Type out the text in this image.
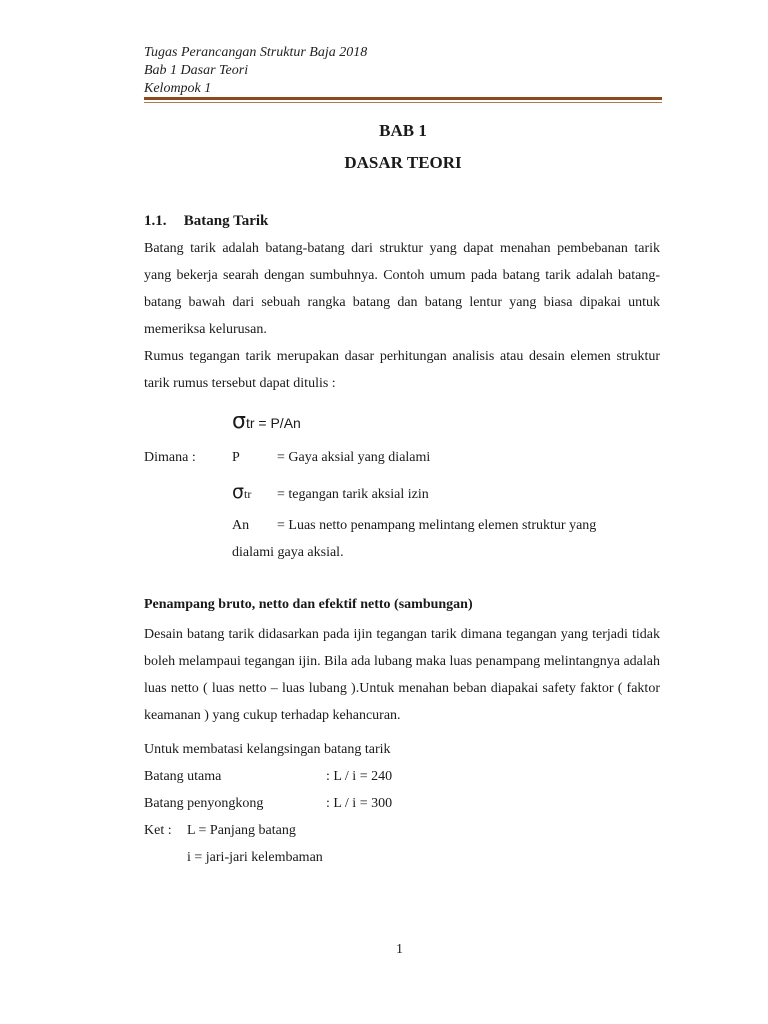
Tugas Perancangan Struktur Baja 2018
Bab 1 Dasar Teori
Kelompok 1
BAB 1
DASAR TEORI
1.1. Batang Tarik
Batang tarik adalah batang-batang dari struktur yang dapat menahan pembebanan tarik yang bekerja searah dengan sumbuhnya. Contoh umum pada batang tarik adalah batang-batang bawah dari sebuah rangka batang dan batang lentur yang biasa dipakai untuk memeriksa kelurusan.
Rumus tegangan tarik merupakan dasar perhitungan analisis atau desain elemen struktur tarik rumus tersebut dapat ditulis :
σtr = P/An
Dimana :	P	= Gaya aksial yang dialami
σtr = tegangan tarik aksial izin
An = Luas netto penampang melintang elemen struktur yang
dialami gaya aksial.
Penampang bruto, netto dan efektif netto (sambungan)
Desain batang tarik didasarkan pada ijin tegangan tarik dimana tegangan yang terjadi tidak boleh melampaui tegangan ijin. Bila ada lubang maka luas penampang melintangnya adalah luas netto ( luas netto – luas lubang ).Untuk menahan beban diapakai safety faktor ( faktor keamanan ) yang cukup terhadap kehancuran.
Untuk membatasi kelangsingan batang tarik
Batang utama	: L / i = 240
Batang penyongkong	: L / i = 300
Ket : L = Panjang batang
i = jari-jari kelembaman
1
